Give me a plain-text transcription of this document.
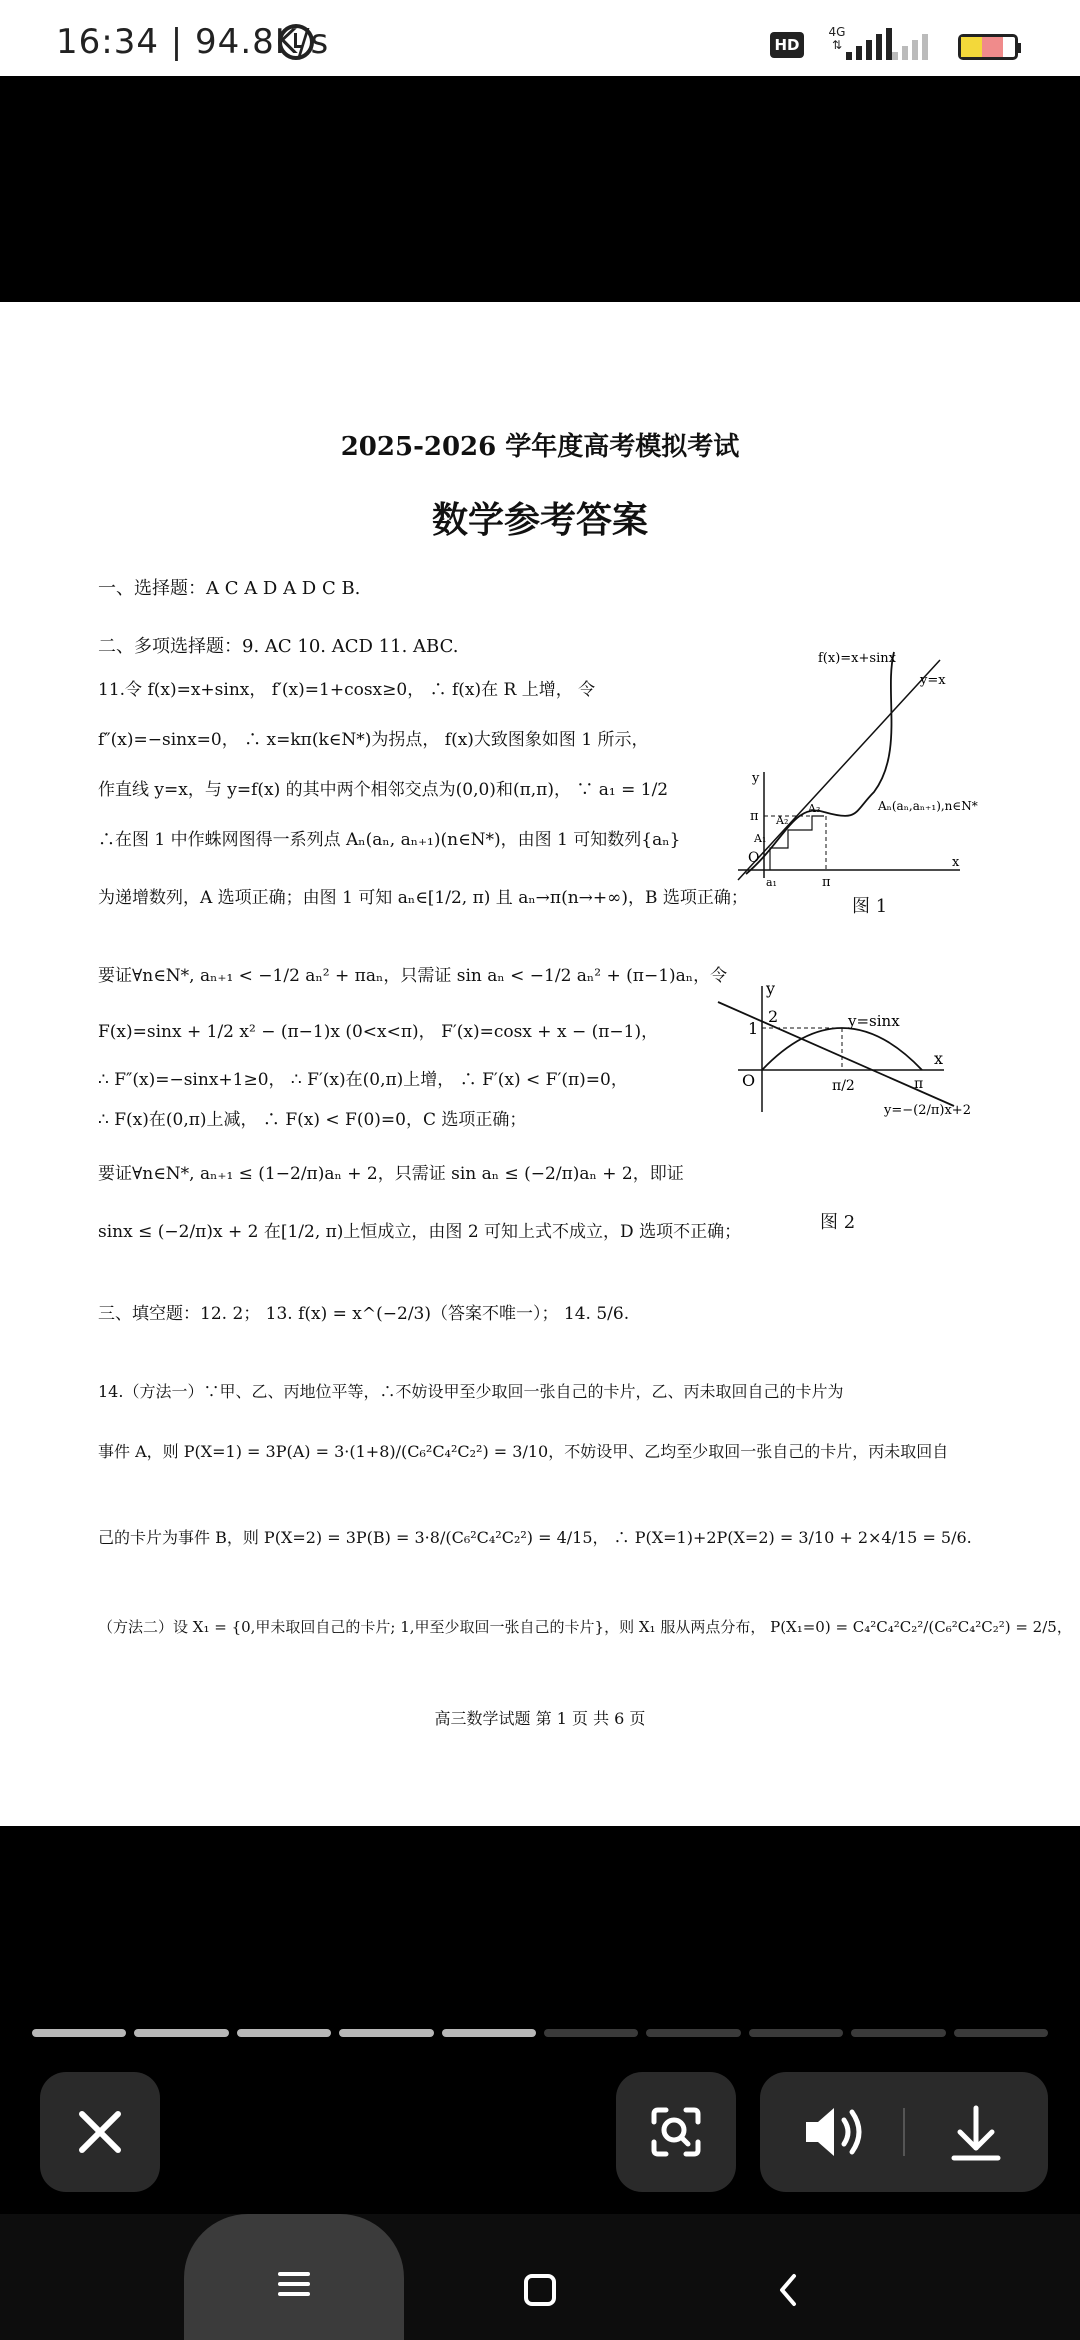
16:34 | 94.8K/s	HD
4G
⇅
2025-2026 学年度高考模拟考试
数学参考答案
一、选择题：A C A D A D C B.
二、多项选择题：9. AC 10. ACD 11. ABC.
11.令 f(x)=x+sinx， f′(x)=1+cosx≥0， ∴ f(x)在 R 上增， 令
f″(x)=−sinx=0， ∴ x=kπ(k∈N*)为拐点， f(x)大致图象如图 1 所示，
作直线 y=x，与 y=f(x) 的其中两个相邻交点为(0,0)和(π,π)， ∵ a₁ = 1/2
∴在图 1 中作蛛网图得一系列点 Aₙ(aₙ, aₙ₊₁)(n∈N*)，由图 1 可知数列{aₙ}
为递增数列，A 选项正确；由图 1 可知 aₙ∈[1/2, π) 且 aₙ→π(n→+∞)，B 选项正确；
要证∀n∈N*, aₙ₊₁ < −1/2 aₙ² + πaₙ，只需证 sin aₙ < −1/2 aₙ² + (π−1)aₙ，令
F(x)=sinx + 1/2 x² − (π−1)x (0<x<π)， F′(x)=cosx + x − (π−1)，
∴ F″(x)=−sinx+1≥0， ∴ F′(x)在(0,π)上增， ∴ F′(x) < F′(π)=0，
∴ F(x)在(0,π)上减， ∴ F(x) < F(0)=0，C 选项正确；
要证∀n∈N*, aₙ₊₁ ≤ (1−2/π)aₙ + 2，只需证 sin aₙ ≤ (−2/π)aₙ + 2，即证
sinx ≤ (−2/π)x + 2 在[1/2, π)上恒成立，由图 2 可知上式不成立，D 选项不正确；
三、填空题：12. 2； 13. f(x) = x^(−2/3)（答案不唯一）； 14. 5/6.
14.（方法一）∵甲、乙、丙地位平等，∴不妨设甲至少取回一张自己的卡片，乙、丙未取回自己的卡片为
事件 A，则 P(X=1) = 3P(A) = 3·(1+8)/(C₆²C₄²C₂²) = 3/10，不妨设甲、乙均至少取回一张自己的卡片，丙未取回自
己的卡片为事件 B，则 P(X=2) = 3P(B) = 3·8/(C₆²C₄²C₂²) = 4/15， ∴ P(X=1)+2P(X=2) = 3/10 + 2×4/15 = 5/6.
（方法二）设 X₁ = {0,甲未取回自己的卡片; 1,甲至少取回一张自己的卡片}，则 X₁ 服从两点分布， P(X₁=0) = C₄²C₄²C₂²/(C₆²C₄²C₂²) = 2/5，
f(x)=x+sinx
y=x
Aₙ(aₙ,aₙ₊₁),n∈N*
y
x
O
π
π
a₁
A₁
A₂
A₃
图 1
y
x
O
2
1	y=sinx
π/2	π
y=−(2/π)x+2
图 2
高三数学试题 第 1 页 共 6 页
